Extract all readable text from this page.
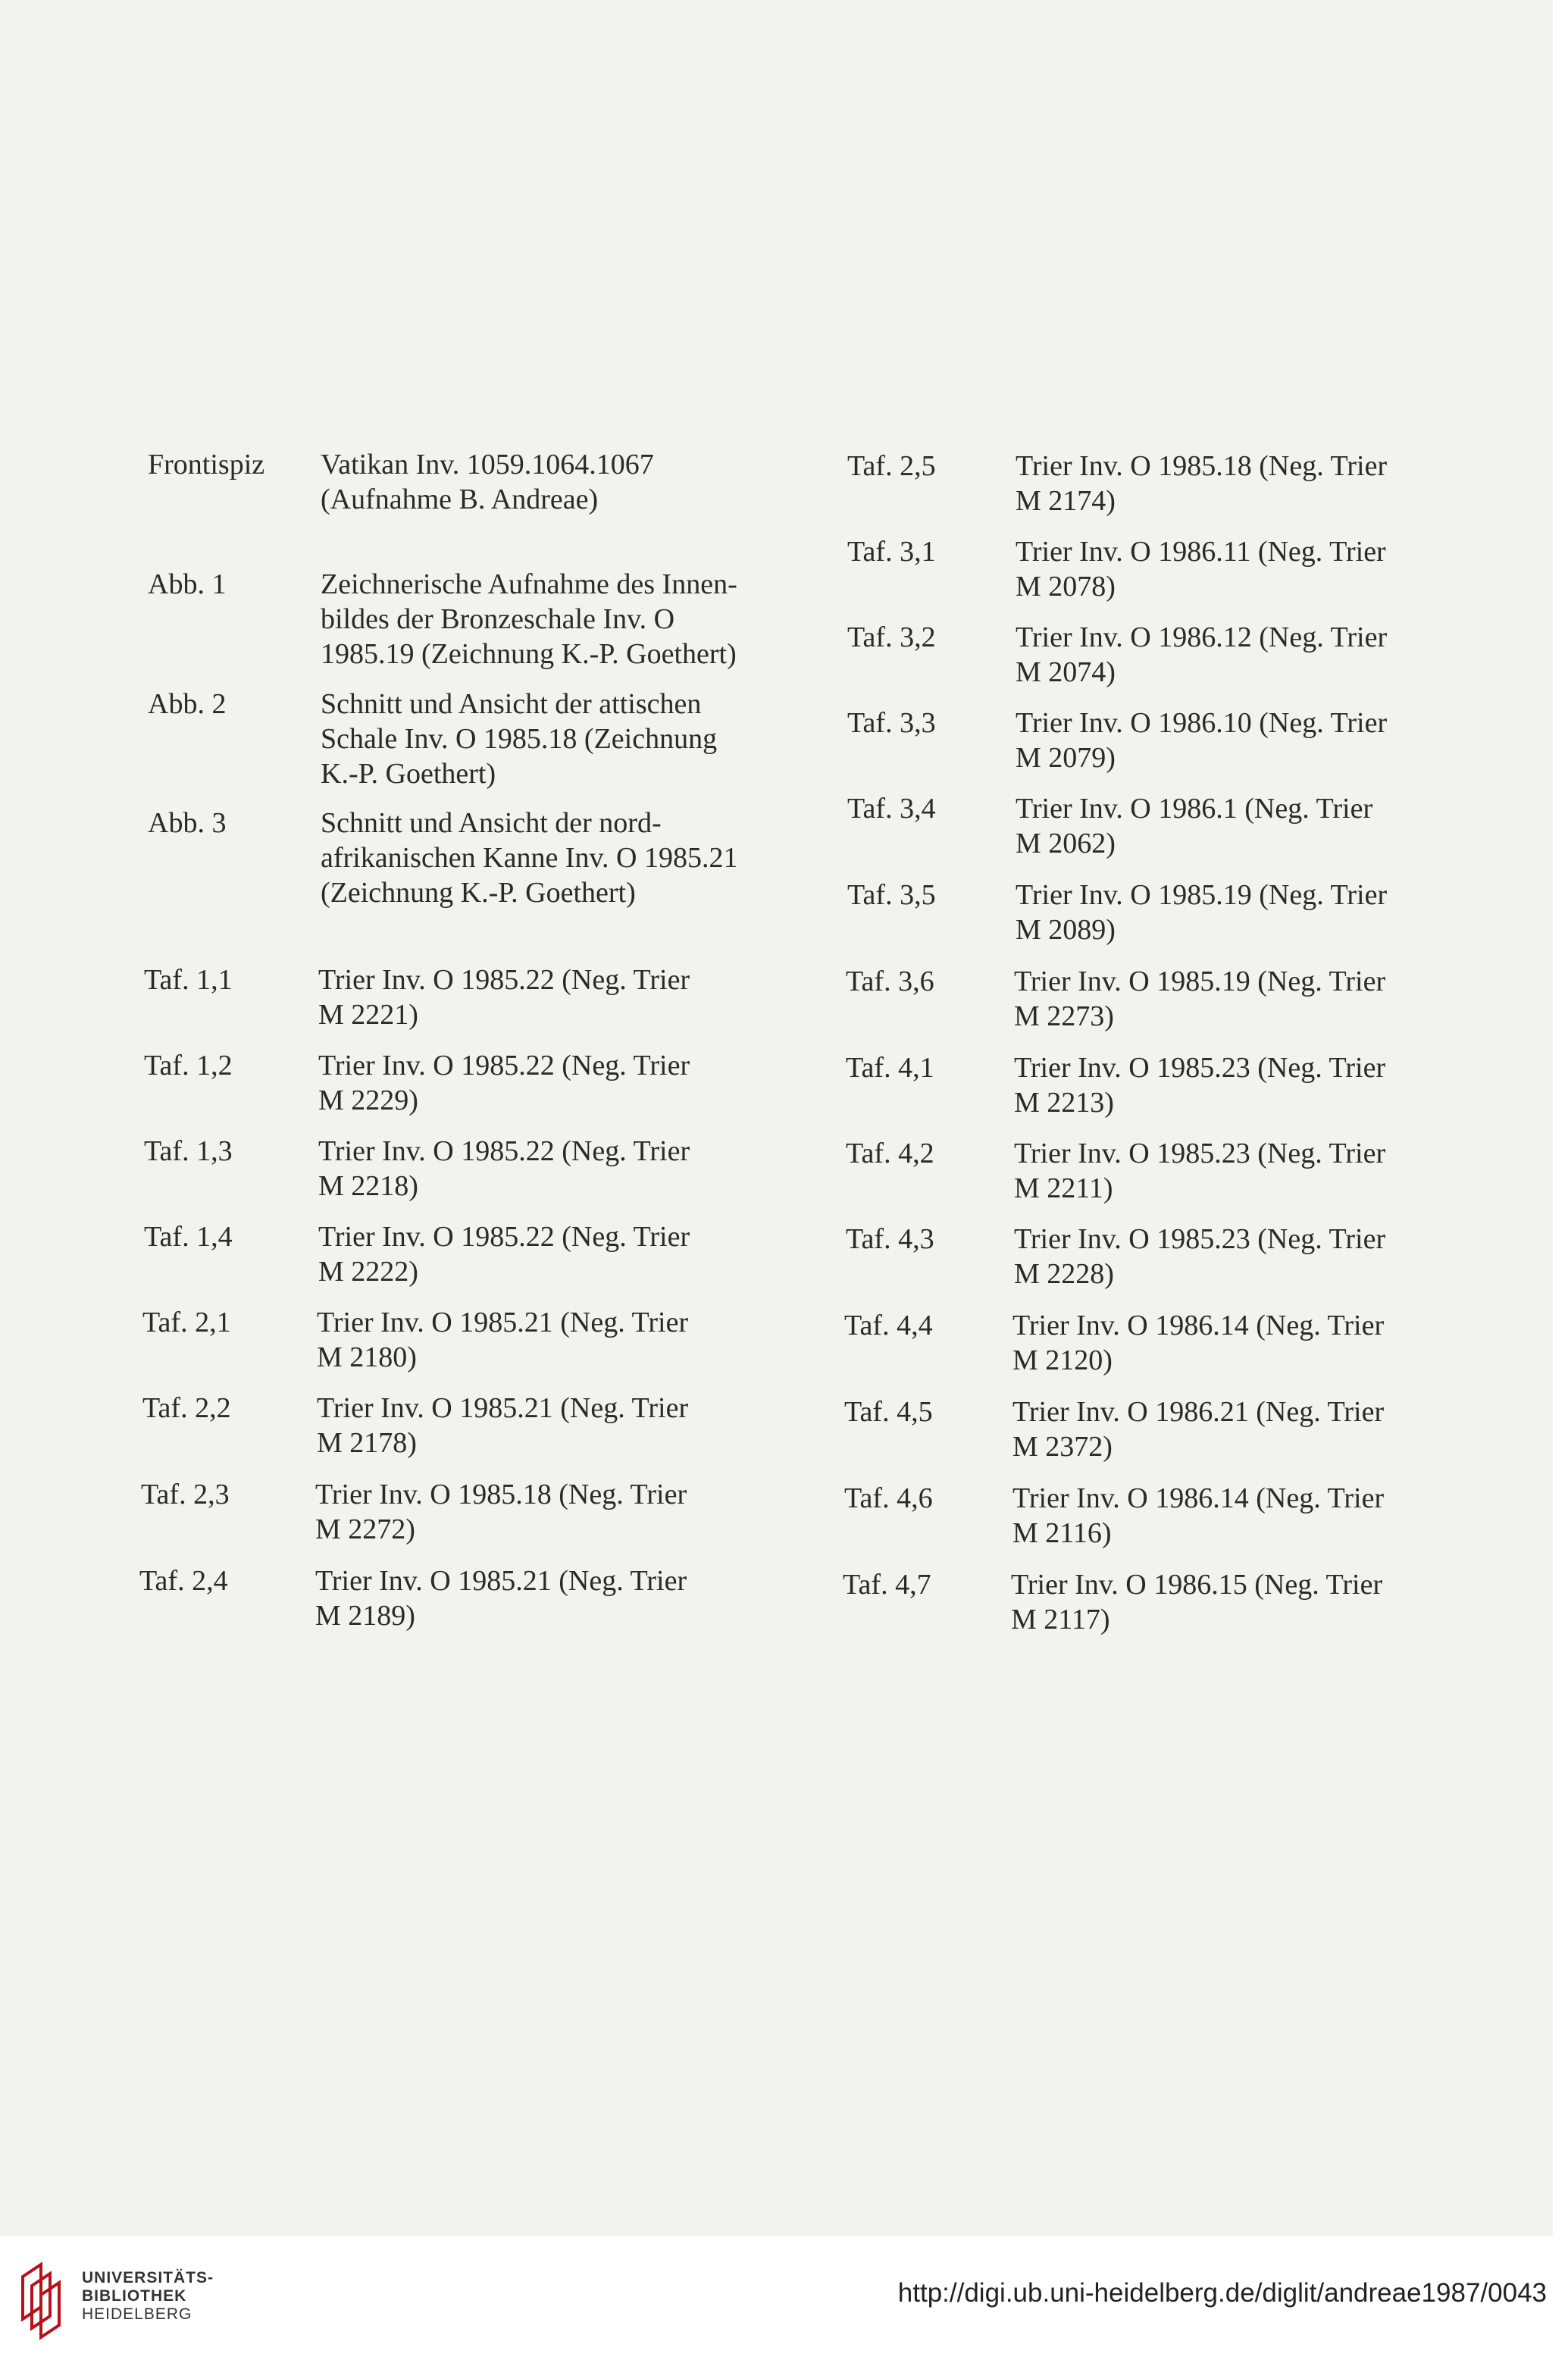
Frontispiz Vatikan Inv. 1059.1064.1067
(Aufnahme B. Andreae)
Abb. 1	Zeichnerische Aufnahme des Innen-
bildes der Bronzeschale Inv. O
1985.19 (Zeichnung K.-P. Goethert)
Abb. 2	Schnitt und Ansicht der attischen
Schale Inv. O 1985.18 (Zeichnung
K.-P. Goethert)
Abb. 3	Schnitt und Ansicht der nord-
afrikanischen Kanne Inv. O 1985.21
(Zeichnung K.-P. Goethert)
Taf. 1,1	Trier Inv. O 1985.22 (Neg. Trier
M 2221)
Taf. 1,2	Trier Inv. O 1985.22 (Neg. Trier
M 2229)
Taf. 1,3	Trier Inv. O 1985.22 (Neg. Trier
M 2218)
Taf. 1,4	Trier Inv. O 1985.22 (Neg. Trier
M 2222)
Taf. 2,1	Trier Inv. O 1985.21 (Neg. Trier
M 2180)
Taf. 2,2	Trier Inv. O 1985.21 (Neg. Trier
M 2178)
Taf. 2,3	Trier Inv. O 1985.18 (Neg. Trier
M 2272)
Taf. 2,4	Trier Inv. O 1985.21 (Neg. Trier
M 2189)
Taf. 2,5	Trier Inv. O 1985.18 (Neg. Trier
M 2174)
Taf. 3,1	Trier Inv. O 1986.11 (Neg. Trier
M 2078)
Taf. 3,2	Trier Inv. O 1986.12 (Neg. Trier
M 2074)
Taf. 3,3	Trier Inv. O 1986.10 (Neg. Trier
M 2079)
Taf. 3,4	Trier Inv. O 1986.1 (Neg. Trier
M 2062)
Taf. 3,5	Trier Inv. O 1985.19 (Neg. Trier
M 2089)
Taf. 3,6	Trier Inv. O 1985.19 (Neg. Trier
M 2273)
Taf. 4,1	Trier Inv. O 1985.23 (Neg. Trier
M 2213)
Taf. 4,2	Trier Inv. O 1985.23 (Neg. Trier
M 2211)
Taf. 4,3	Trier Inv. O 1985.23 (Neg. Trier
M 2228)
Taf. 4,4	Trier Inv. O 1986.14 (Neg. Trier
M 2120)
Taf. 4,5	Trier Inv. O 1986.21 (Neg. Trier
M 2372)
Taf. 4,6	Trier Inv. O 1986.14 (Neg. Trier
M 2116)
Taf. 4,7	Trier Inv. O 1986.15 (Neg. Trier
M 2117)
UNIVERSITÄTS-
BIBLIOTHEK
HEIDELBERG
http://digi.ub.uni-heidelberg.de/diglit/andreae1987/0043
